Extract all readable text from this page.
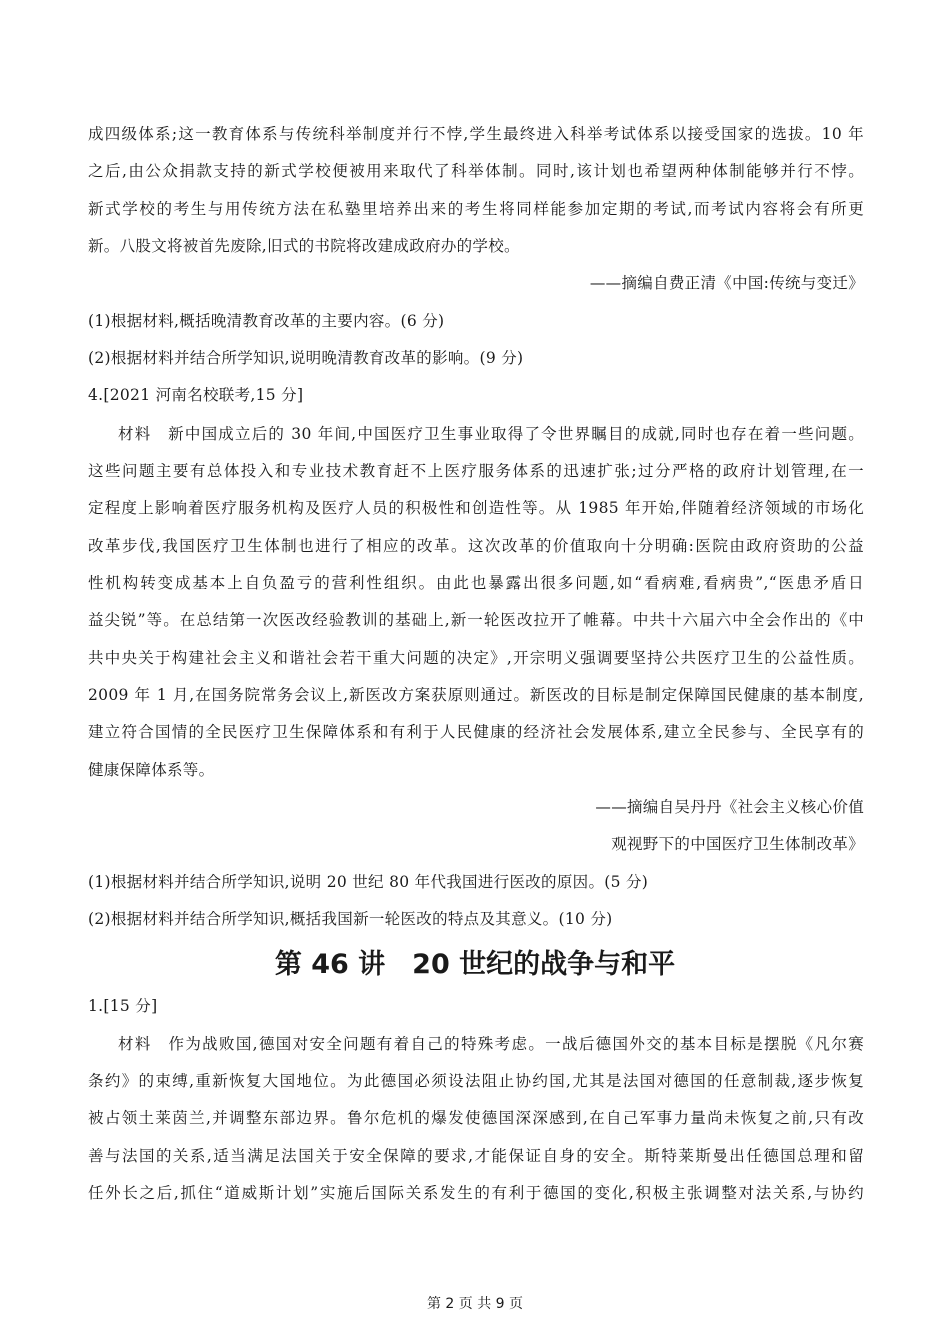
成四级体系;这一教育体系与传统科举制度并行不悖,学生最终进入科举考试体系以接受国家的选拔。10 年
之后,由公众捐款支持的新式学校便被用来取代了科举体制。同时,该计划也希望两种体制能够并行不悖。
新式学校的考生与用传统方法在私塾里培养出来的考生将同样能参加定期的考试,而考试内容将会有所更
新。八股文将被首先废除,旧式的书院将改建成政府办的学校。
——摘编自费正清《中国:传统与变迁》
(1)根据材料,概括晚清教育改革的主要内容。(6 分)
(2)根据材料并结合所学知识,说明晚清教育改革的影响。(9 分)
4.[2021 河南名校联考,15 分]
材料　新中国成立后的 30 年间,中国医疗卫生事业取得了令世界瞩目的成就,同时也存在着一些问题。
这些问题主要有总体投入和专业技术教育赶不上医疗服务体系的迅速扩张;过分严格的政府计划管理,在一
定程度上影响着医疗服务机构及医疗人员的积极性和创造性等。从 1985 年开始,伴随着经济领域的市场化
改革步伐,我国医疗卫生体制也进行了相应的改革。这次改革的价值取向十分明确:医院由政府资助的公益
性机构转变成基本上自负盈亏的营利性组织。由此也暴露出很多问题,如“看病难,看病贵”,“医患矛盾日
益尖锐”等。在总结第一次医改经验教训的基础上,新一轮医改拉开了帷幕。中共十六届六中全会作出的《中
共中央关于构建社会主义和谐社会若干重大问题的决定》,开宗明义强调要坚持公共医疗卫生的公益性质。
2009 年 1 月,在国务院常务会议上,新医改方案获原则通过。新医改的目标是制定保障国民健康的基本制度,
建立符合国情的全民医疗卫生保障体系和有利于人民健康的经济社会发展体系,建立全民参与、全民享有的
健康保障体系等。
——摘编自吴丹丹《社会主义核心价值
观视野下的中国医疗卫生体制改革》
(1)根据材料并结合所学知识,说明 20 世纪 80 年代我国进行医改的原因。(5 分)
(2)根据材料并结合所学知识,概括我国新一轮医改的特点及其意义。(10 分)
第 46 讲　20 世纪的战争与和平
1.[15 分]
材料　作为战败国,德国对安全问题有着自己的特殊考虑。一战后德国外交的基本目标是摆脱《凡尔赛
条约》的束缚,重新恢复大国地位。为此德国必须设法阻止协约国,尤其是法国对德国的任意制裁,逐步恢复
被占领土莱茵兰,并调整东部边界。鲁尔危机的爆发使德国深深感到,在自己军事力量尚未恢复之前,只有改
善与法国的关系,适当满足法国关于安全保障的要求,才能保证自身的安全。斯特莱斯曼出任德国总理和留
任外长之后,抓住“道威斯计划”实施后国际关系发生的有利于德国的变化,积极主张调整对法关系,与协约
第 2 页 共 9 页
